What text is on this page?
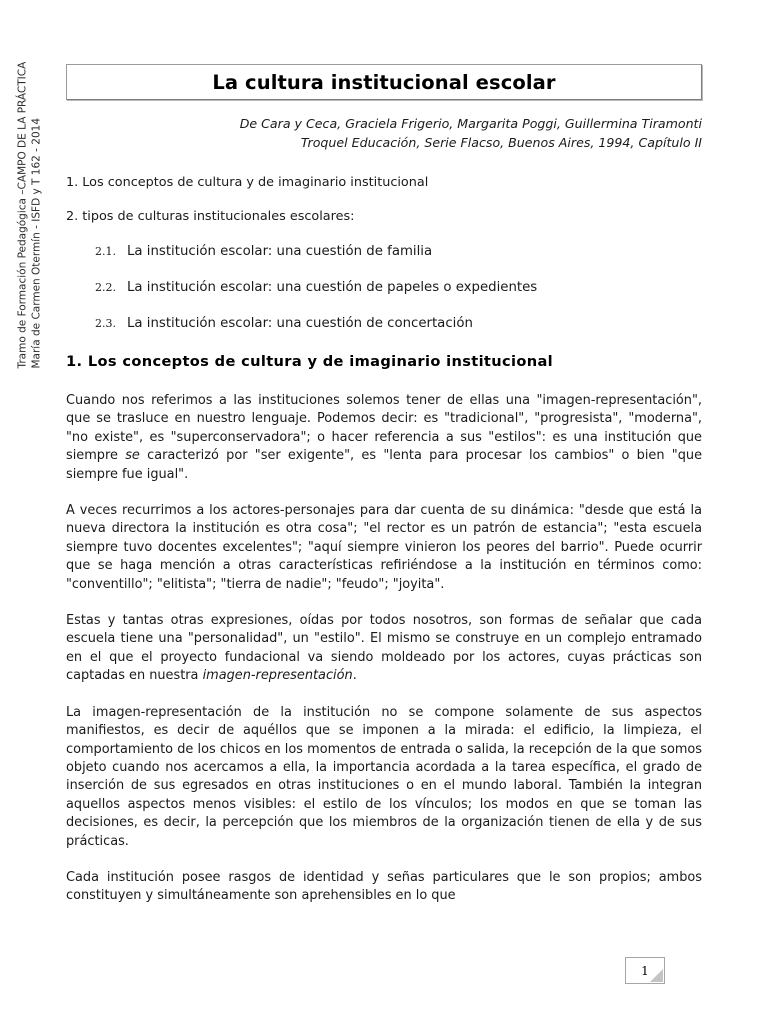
Tramo de Formación Pedagógica –CAMPO DE LA PRÁCTICA María de Carmen Otermín - ISFD y T 162 - 2014
La cultura institucional escolar
De Cara y Ceca, Graciela Frigerio, Margarita Poggi, Guillermina Tiramonti
Troquel Educación, Serie Flacso, Buenos Aires, 1994, Capítulo II
1. Los conceptos de cultura y de imaginario institucional
2. tipos de culturas institucionales escolares:
2.1. La institución escolar: una cuestión de familia
2.2. La institución escolar: una cuestión de papeles o expedientes
2.3. La institución escolar: una cuestión de concertación
1. Los conceptos de cultura y de imaginario institucional

Cuando nos referimos a las instituciones solemos tener de ellas una "imagen-representación", que se trasluce en nuestro lenguaje. Podemos decir: es "tradicional", "progresista", "moderna", "no existe", es "superconservadora"; o hacer referencia a sus "estilos": es una institución que siempre se caracterizó por "ser exigente", es "lenta para procesar los cambios" o bien "que siempre fue igual".

A veces recurrimos a los actores-personajes para dar cuenta de su dinámica: "desde que está la nueva directora la institución es otra cosa"; "el rector es un patrón de estancia"; "esta escuela siempre tuvo docentes excelentes"; "aquí siempre vinieron los peores del barrio". Puede ocurrir que se haga mención a otras características refiriéndose a la institución en términos como: "conventillo"; "elitista"; "tierra de nadie"; "feudo"; "joyita".

Estas y tantas otras expresiones, oídas por todos nosotros, son formas de señalar que cada escuela tiene una "personalidad", un "estilo". El mismo se construye en un complejo entramado en el que el proyecto fundacional va siendo moldeado por los actores, cuyas prácticas son captadas en nuestra imagen-representación.

La imagen-representación de la institución no se compone solamente de sus aspectos manifiestos, es decir de aquéllos que se imponen a la mirada: el edificio, la limpieza, el comportamiento de los chicos en los momentos de entrada o salida, la recepción de la que somos objeto cuando nos acercamos a ella, la importancia acordada a la tarea específica, el grado de inserción de sus egresados en otras instituciones o en el mundo laboral. También la integran aquellos aspectos menos visibles: el estilo de los vínculos; los modos en que se toman las decisiones, es decir, la percepción que los miembros de la organización tienen de ella y de sus prácticas.

Cada institución posee rasgos de identidad y señas particulares que le son propios; ambos constituyen y simultáneamente son aprehensibles en lo que

1
